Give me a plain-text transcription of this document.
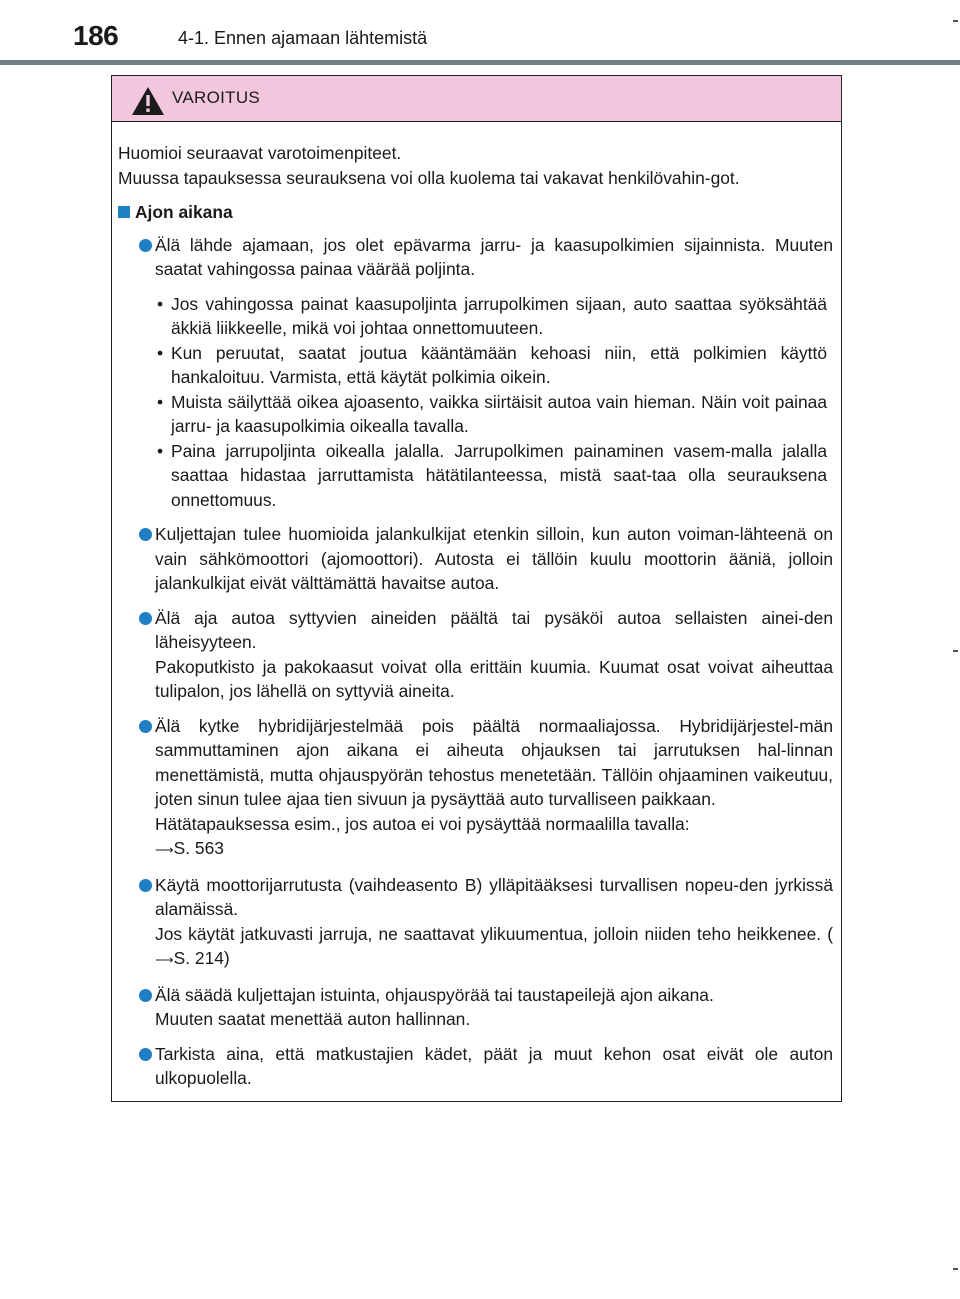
186	4-1. Ennen ajamaan lähtemistä
VAROITUS

Huomioi seuraavat varotoimenpiteet.

Muussa tapauksessa seurauksena voi olla kuolema tai vakavat henkilövahin-got.

Ajon aikana

Älä lähde ajamaan, jos olet epävarma jarru- ja kaasupolkimien sijainnista. Muuten saatat vahingossa painaa väärää poljinta.

• Jos vahingossa painat kaasupoljinta jarrupolkimen sijaan, auto saattaa syöksähtää äkkiä liikkeelle, mikä voi johtaa onnettomuuteen.
• Kun peruutat, saatat joutua kääntämään kehoasi niin, että polkimien käyttö hankaloituu. Varmista, että käytät polkimia oikein.
• Muista säilyttää oikea ajoasento, vaikka siirtäisit autoa vain hieman. Näin voit painaa jarru- ja kaasupolkimia oikealla tavalla.
• Paina jarrupoljinta oikealla jalalla. Jarrupolkimen painaminen vasem-malla jalalla saattaa hidastaa jarruttamista hätätilanteessa, mistä saat-taa olla seurauksena onnettomuus.

Kuljettajan tulee huomioida jalankulkijat etenkin silloin, kun auton voiman-lähteenä on vain sähkömoottori (ajomoottori). Autosta ei tällöin kuulu moottorin ääniä, jolloin jalankulkijat eivät välttämättä havaitse autoa.

Älä aja autoa syttyvien aineiden päältä tai pysäköi autoa sellaisten ainei-den läheisyyteen.

Pakoputkisto ja pakokaasut voivat olla erittäin kuumia. Kuumat osat voivat aiheuttaa tulipalon, jos lähellä on syttyviä aineita.

Älä kytke hybridijärjestelmää pois päältä normaaliajossa. Hybridijärjestel-män sammuttaminen ajon aikana ei aiheuta ohjauksen tai jarrutuksen hal-linnan menettämistä, mutta ohjauspyörän tehostus menetetään. Tällöin ohjaaminen vaikeutuu, joten sinun tulee ajaa tien sivuun ja pysäyttää auto turvalliseen paikkaan.

Hätätapauksessa esim., jos autoa ei voi pysäyttää normaalilla tavalla:

⟶S. 563

Käytä moottorijarrutusta (vaihdeasento B) ylläpitääksesi turvallisen nopeu-den jyrkissä alamäissä.

Jos käytät jatkuvasti jarruja, ne saattavat ylikuumentua, jolloin niiden teho heikkenee. (⟶S. 214)

Älä säädä kuljettajan istuinta, ohjauspyörää tai taustapeilejä ajon aikana.

Muuten saatat menettää auton hallinnan.

Tarkista aina, että matkustajien kädet, päät ja muut kehon osat eivät ole auton ulkopuolella.
